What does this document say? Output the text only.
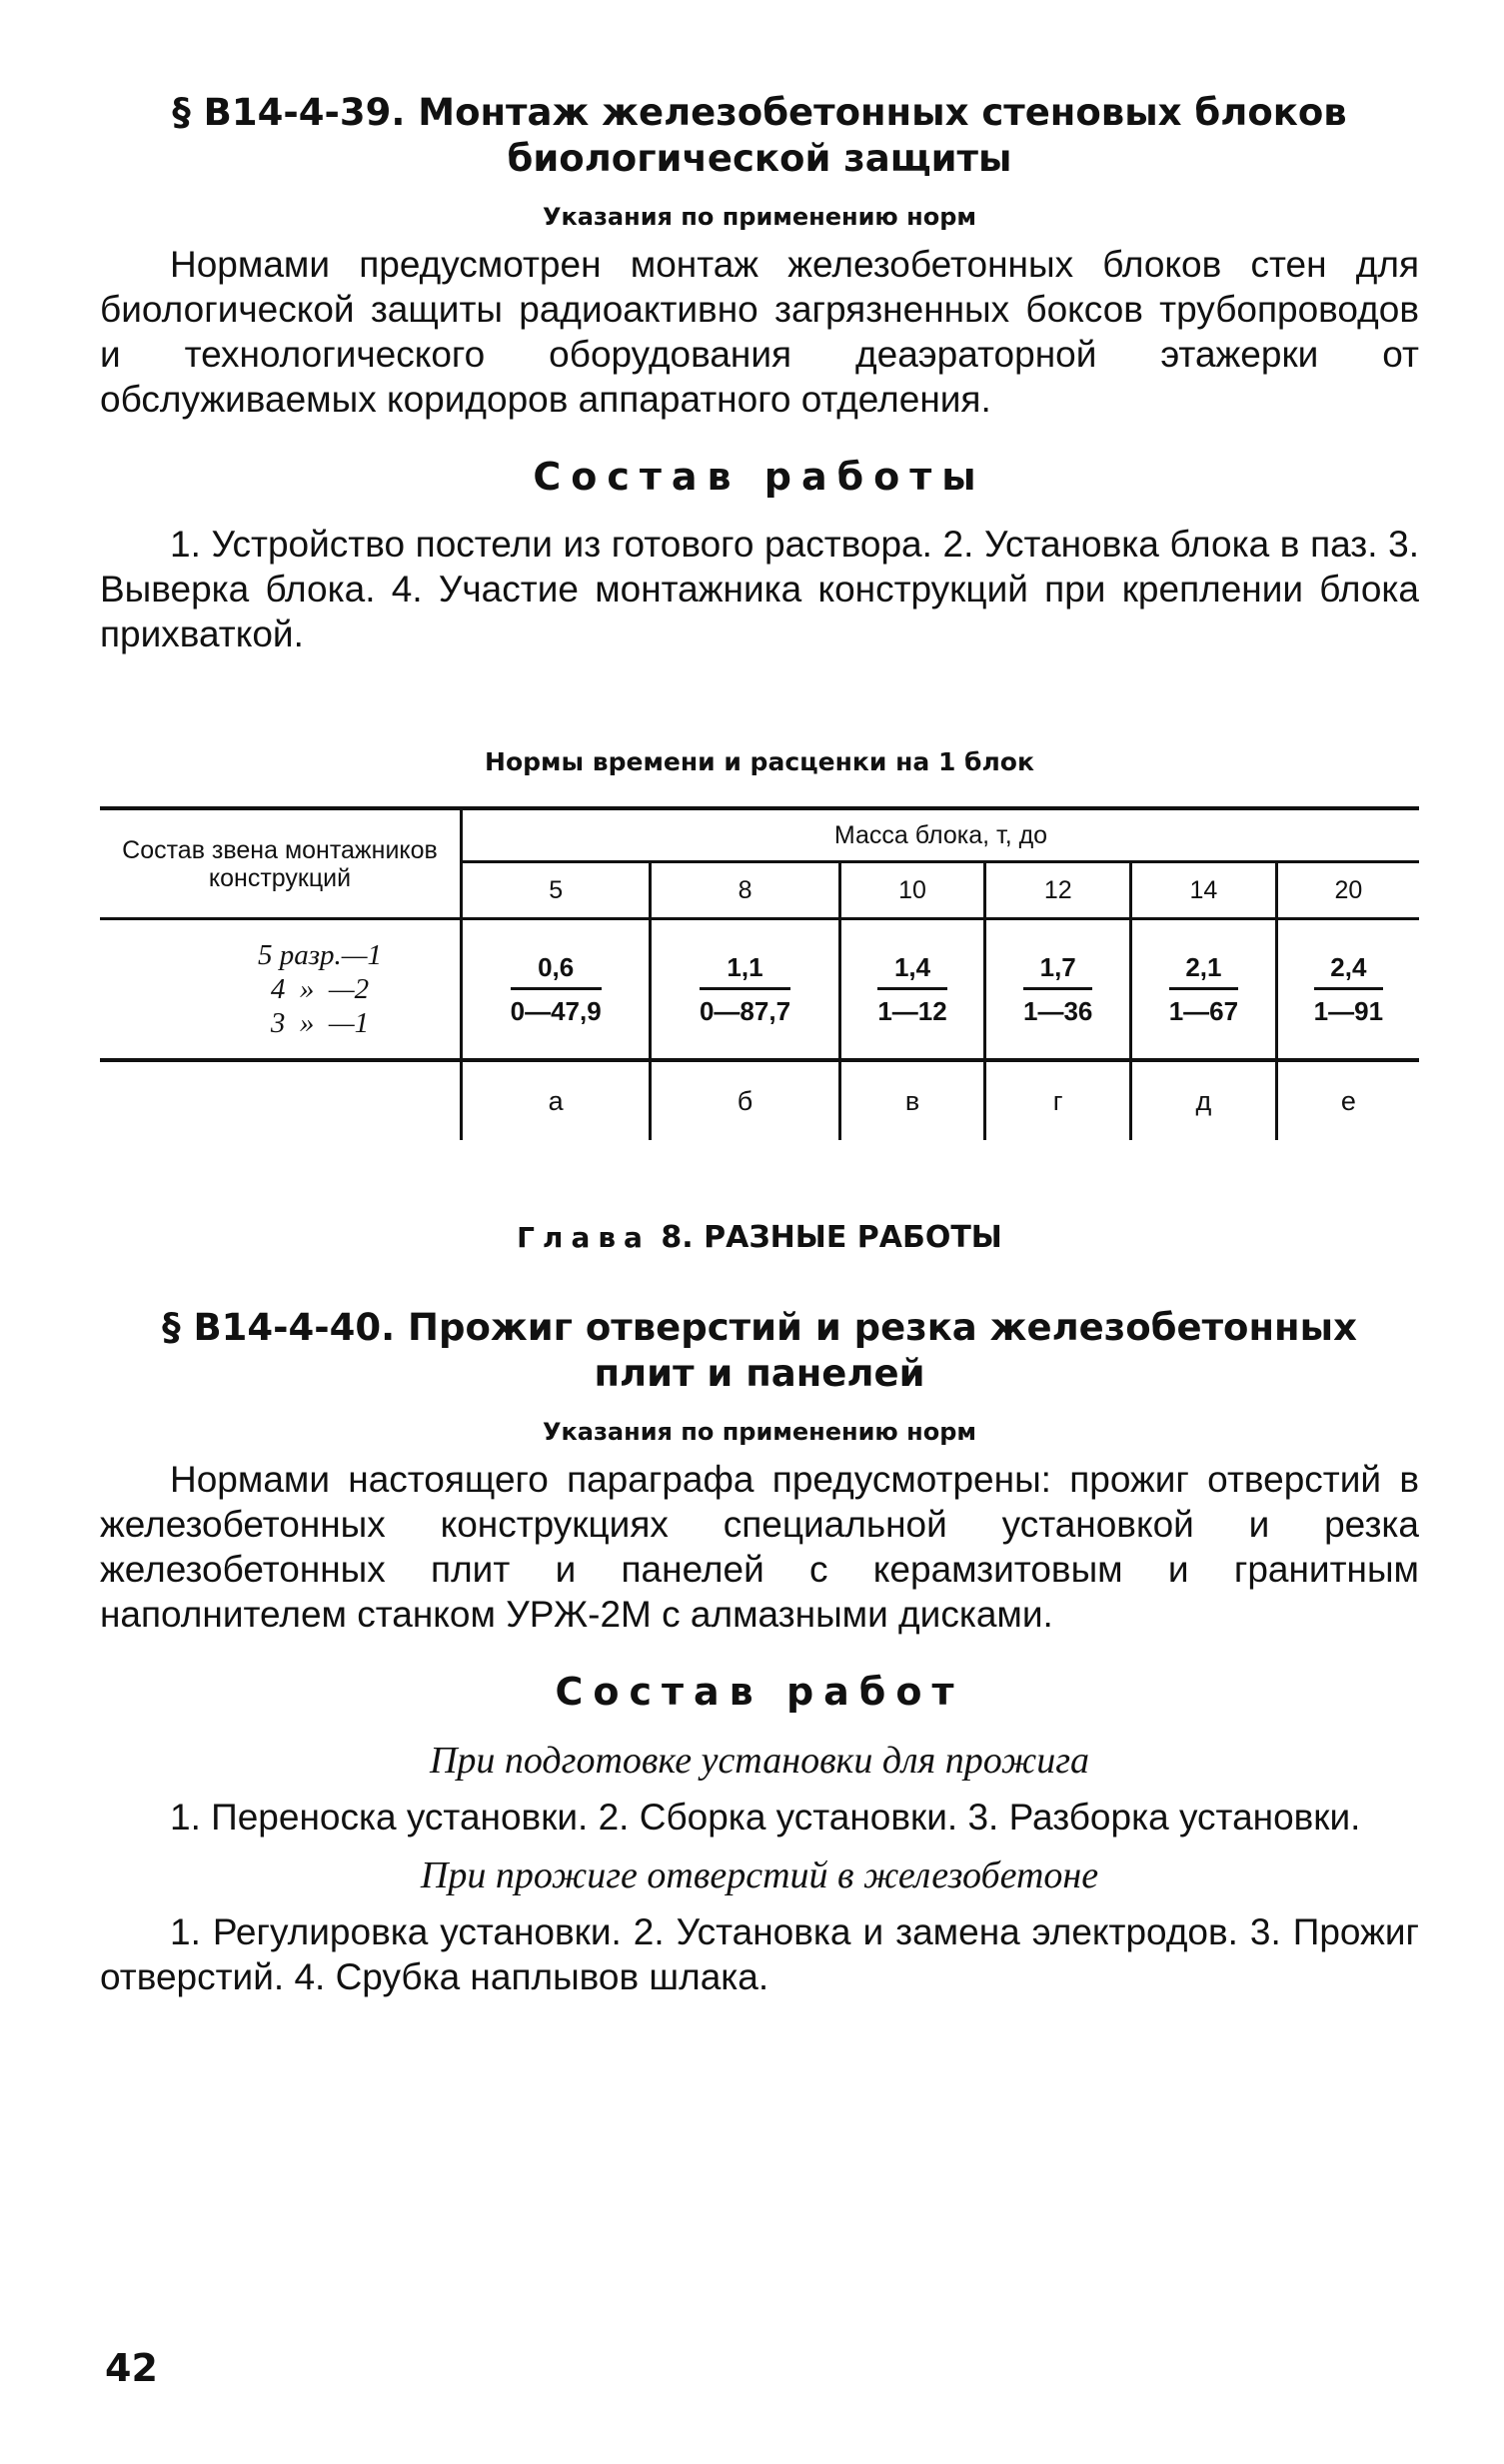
§ В14-4-39. Монтаж железобетонных стеновых блоков
биологической защиты
Указания по применению норм

Нормами предусмотрен монтаж железобетонных блоков стен для биологической защиты радиоактивно загрязненных боксов трубопроводов и технологического оборудования деаэраторной этажерки от обслуживаемых коридоров аппаратного отделения.

Состав работы

1. Устройство постели из готового раствора. 2. Установка блока в паз. 3. Выверка блока. 4. Участие монтажника конструкций при креплении блока прихваткой.

Нормы времени и расценки на 1 блок
Состав звена монтажников конструкций	Масса блока, т, до					
	5	8	10	12	14	20

5 разр.—1
4  »  —2
3  »  —1	$\frac{0,6}{0—47,9}$	$\frac{1,1}{0—87,7}$	$\frac{1,4}{1—12}$	$\frac{1,7}{1—36}$	$\frac{2,1}{1—67}$	$\frac{2,4}{1—91}$

	а	б	в	г	д	е
Глава 8. РАЗНЫЕ РАБОТЫ
§ В14-4-40. Прожиг отверстий и резка железобетонных
плит и панелей
Указания по применению норм

Нормами настоящего параграфа предусмотрены: прожиг отверстий в железобетонных конструкциях специальной установкой и резка железобетонных плит и панелей с керамзитовым и гранитным наполнителем станком УРЖ-2М с алмазными дисками.

Состав работ
При подготовке установки для прожига

1. Переноска установки. 2. Сборка установки. 3. Разборка установки.

При прожиге отверстий в железобетоне

1. Регулировка установки. 2. Установка и замена электродов. 3. Прожиг отверстий. 4. Срубка наплывов шлака.

42
